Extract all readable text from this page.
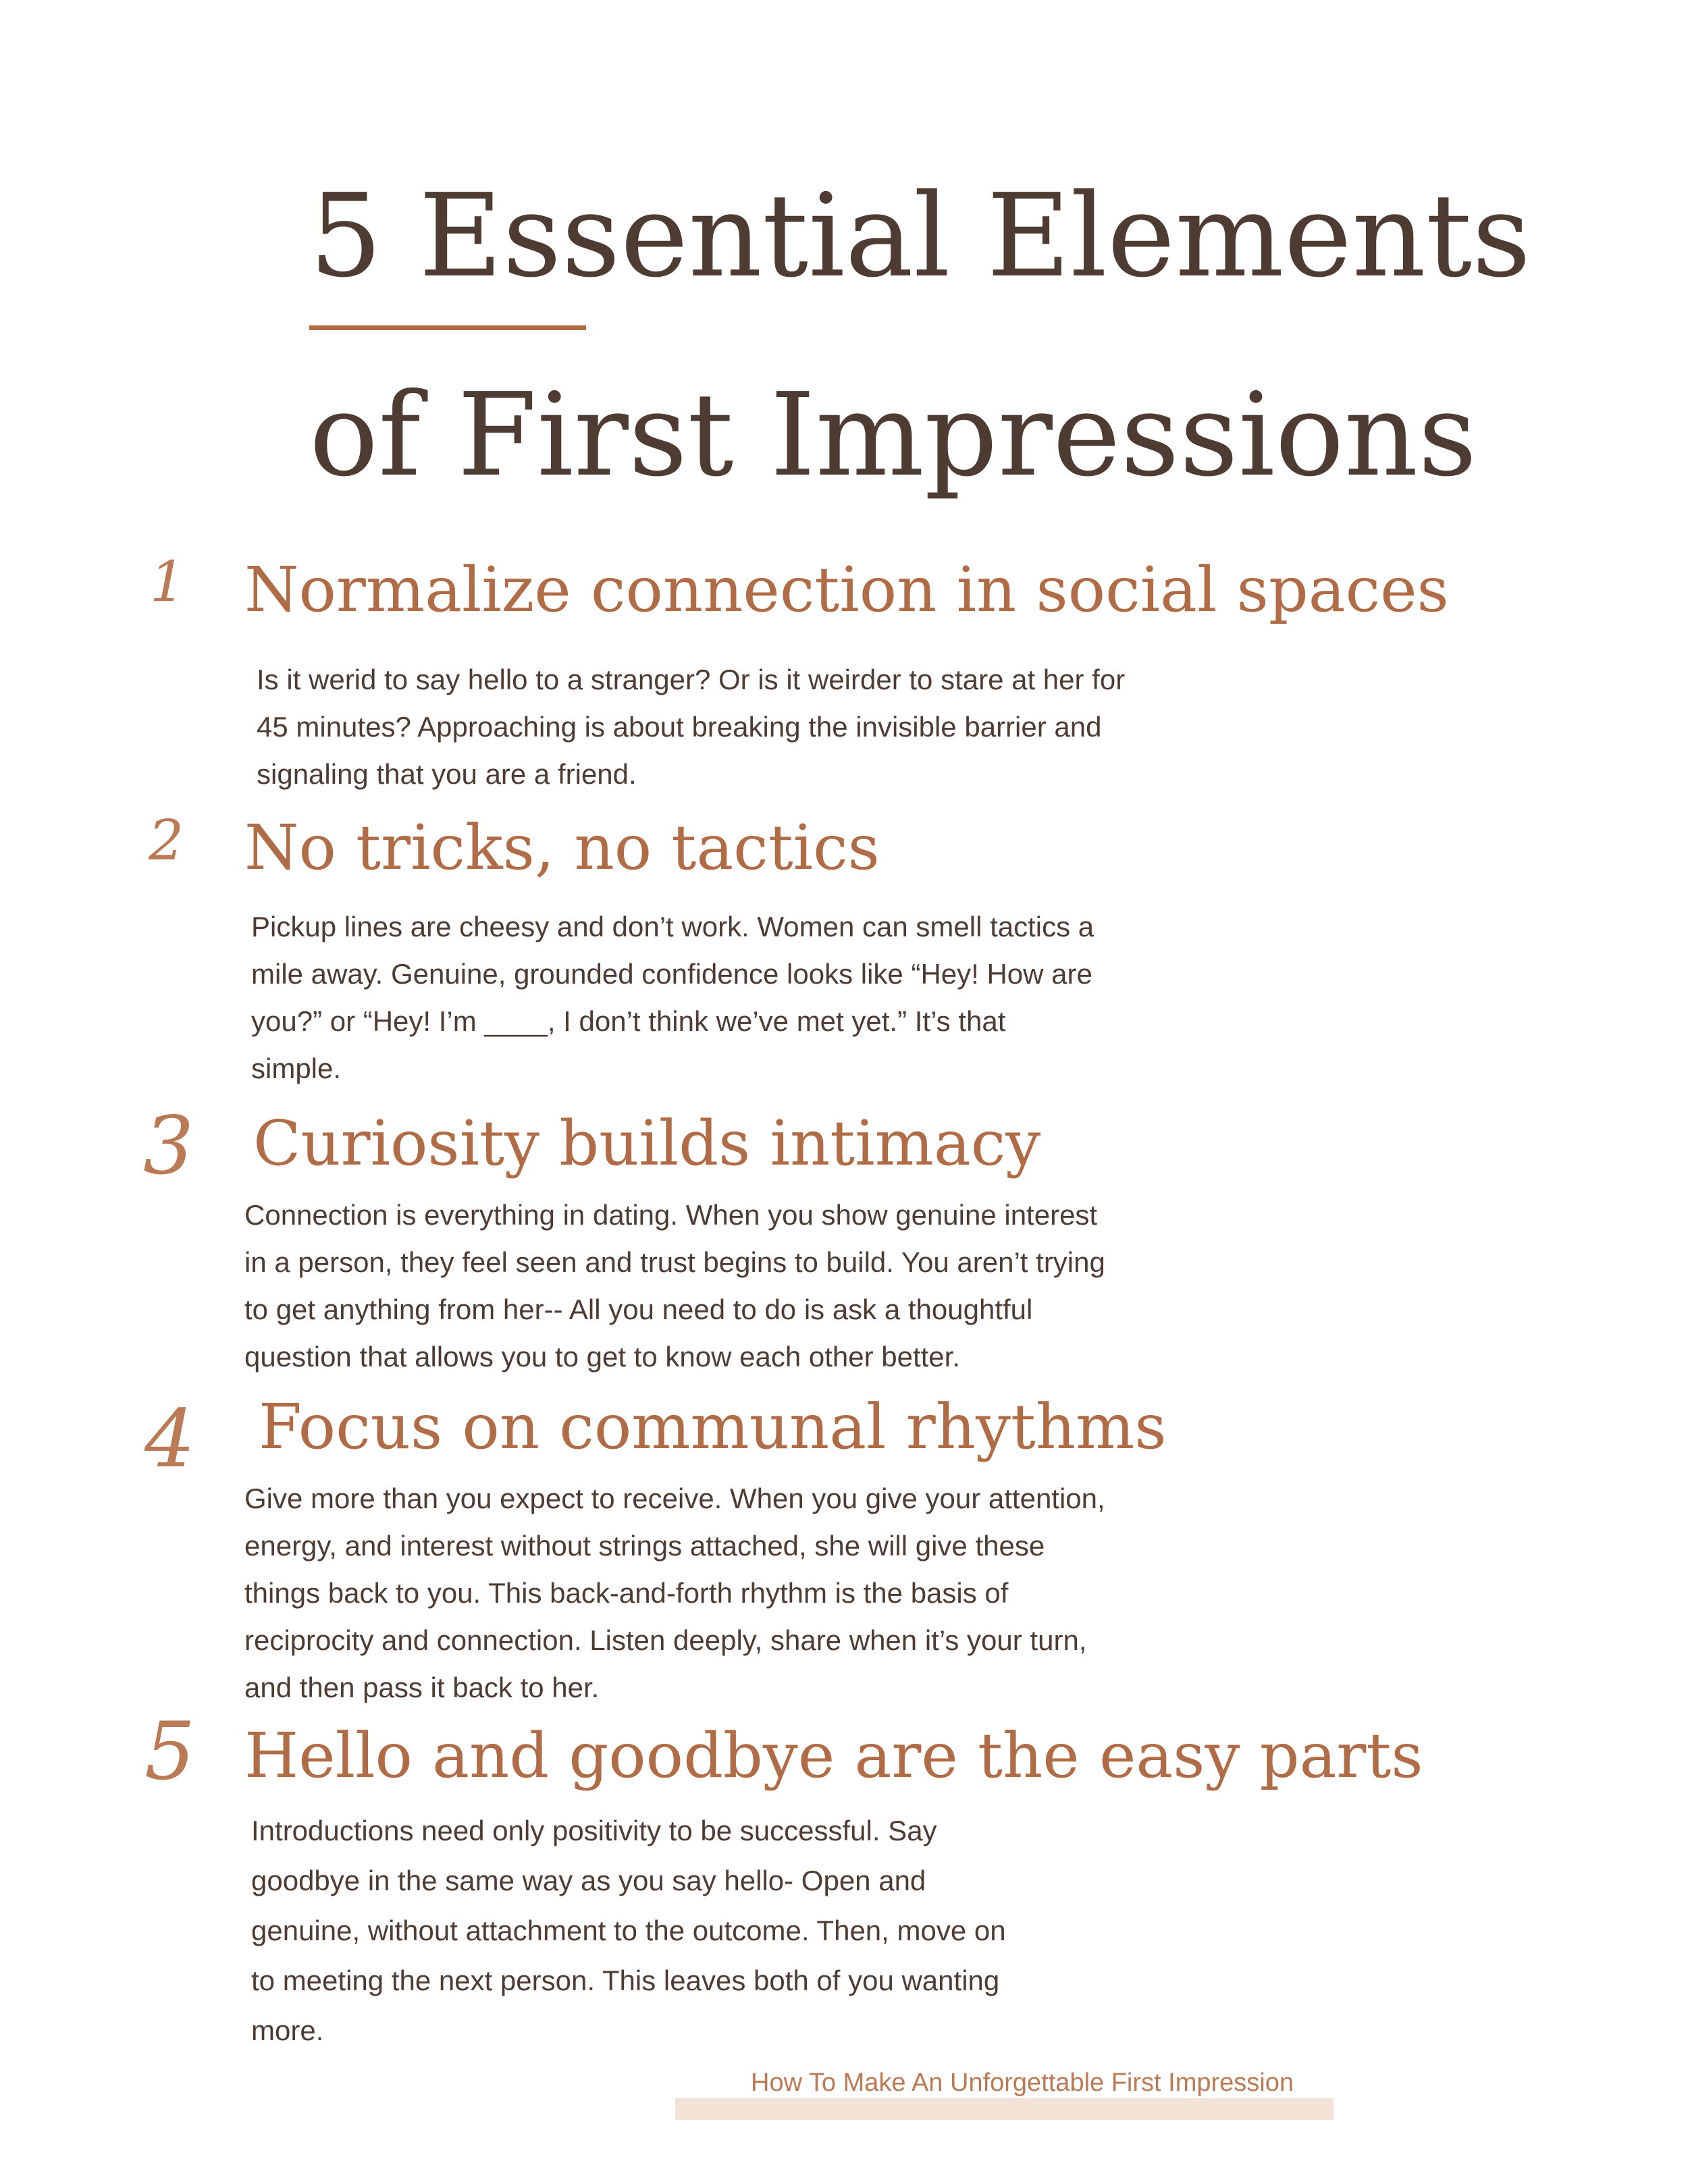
5 Essential Elements
of First Impressions
1 Normalize connection in social spaces
Is it werid to say hello to a stranger? Or is it weirder to stare at her for
45 minutes? Approaching is about breaking the invisible barrier and
signaling that you are a friend.
2 No tricks, no tactics
Pickup lines are cheesy and don’t work. Women can smell tactics a
mile away. Genuine, grounded confidence looks like “Hey! How are
you?” or “Hey! I’m ____, I don’t think we’ve met yet.” It’s that
simple.
3 Curiosity builds intimacy
Connection is everything in dating. When you show genuine interest
in a person, they feel seen and trust begins to build. You aren’t trying
to get anything from her-- All you need to do is ask a thoughtful
question that allows you to get to know each other better.
4 Focus on communal rhythms
Give more than you expect to receive. When you give your attention,
energy, and interest without strings attached, she will give these
things back to you. This back-and-forth rhythm is the basis of
reciprocity and connection. Listen deeply, share when it’s your turn,
and then pass it back to her.
5 Hello and goodbye are the easy parts
Introductions need only positivity to be successful. Say
goodbye in the same way as you say hello- Open and
genuine, without attachment to the outcome. Then, move on
to meeting the next person. This leaves both of you wanting
more.
How To Make An Unforgettable First Impression
